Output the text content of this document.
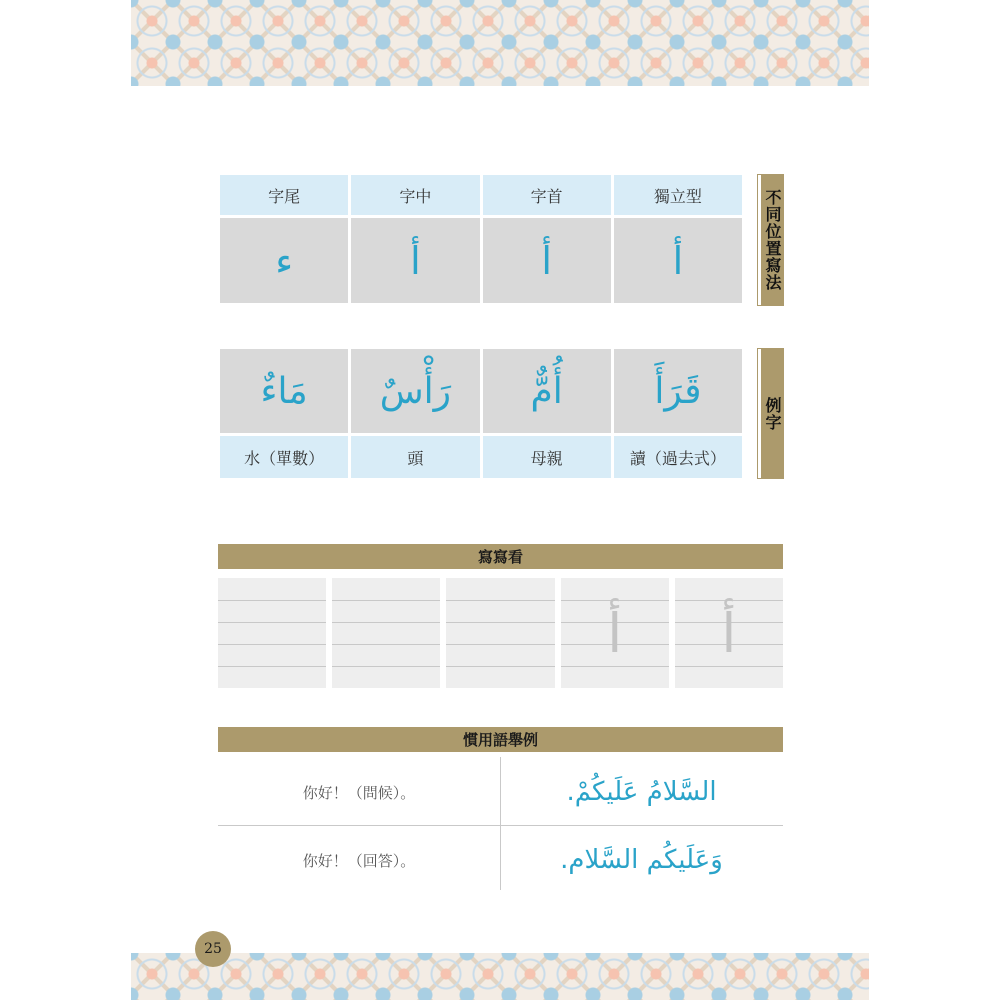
字尾	字中	字首	獨立型
ء	أ	أ	أ
不
同
位
置
寫
法
مَاءٌ	رَأْسٌ	أُمٌّ	قَرَأَ
水（單數）	頭	母親	讀（過去式）
例
字
寫寫看
أ	أ
慣用語舉例
你好！（問候）。	السَّلامُ عَلَيكُمْ.
你好！（回答）。	وَعَلَيكُم السَّلام.
25
